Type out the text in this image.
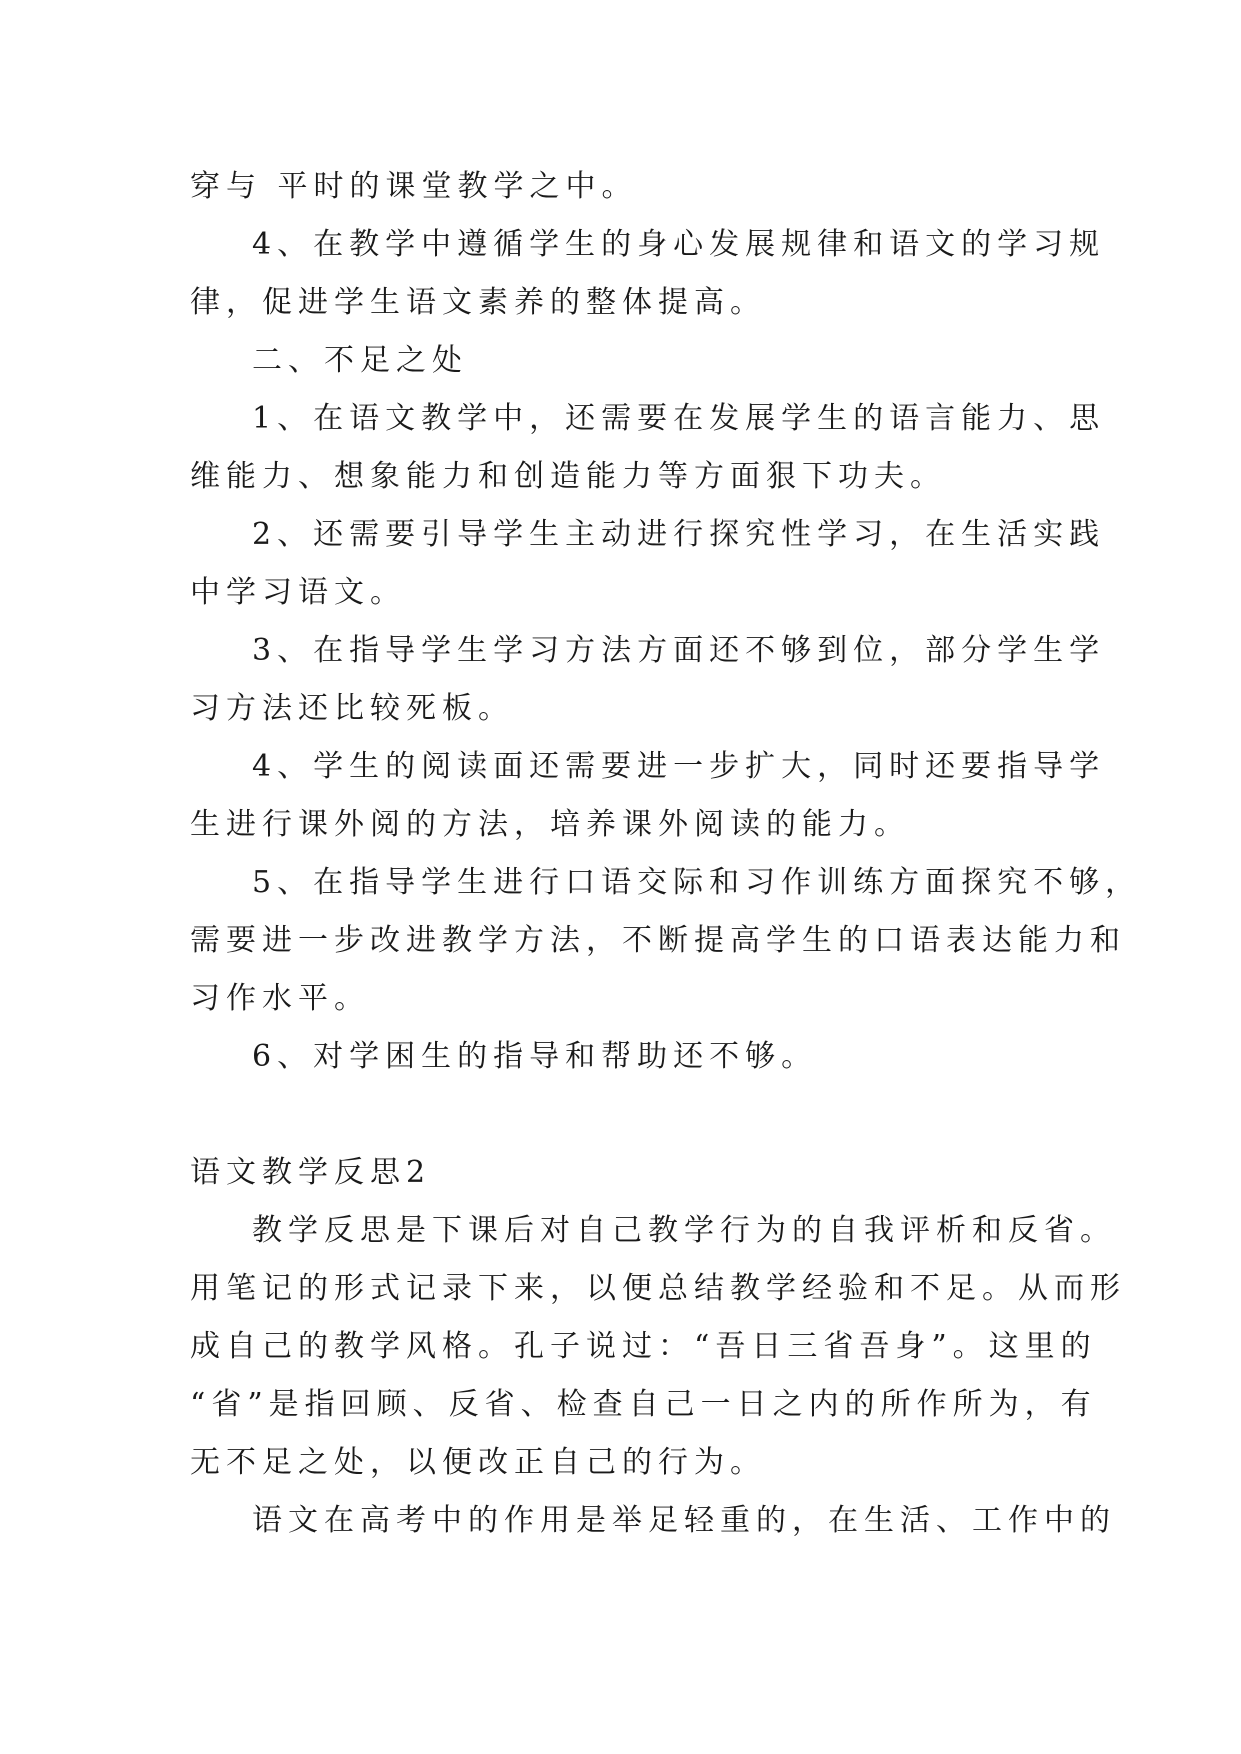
穿与 平时的课堂教学之中。

4、在教学中遵循学生的身心发展规律和语文的学习规

律，促进学生语文素养的整体提高。

二、不足之处

1、在语文教学中，还需要在发展学生的语言能力、思

维能力、想象能力和创造能力等方面狠下功夫。

2、还需要引导学生主动进行探究性学习，在生活实践

中学习语文。

3、在指导学生学习方法方面还不够到位，部分学生学

习方法还比较死板。

4、学生的阅读面还需要进一步扩大，同时还要指导学

生进行课外阅的方法，培养课外阅读的能力。

5、在指导学生进行口语交际和习作训练方面探究不够，

需要进一步改进教学方法，不断提高学生的口语表达能力和

习作水平。

6、对学困生的指导和帮助还不够。

语文教学反思2

教学反思是下课后对自己教学行为的自我评析和反省。

用笔记的形式记录下来，以便总结教学经验和不足。从而形

成自己的教学风格。孔子说过：“吾日三省吾身”。这里的

“省”是指回顾、反省、检查自己一日之内的所作所为，有

无不足之处，以便改正自己的行为。

语文在高考中的作用是举足轻重的，在生活、工作中的
